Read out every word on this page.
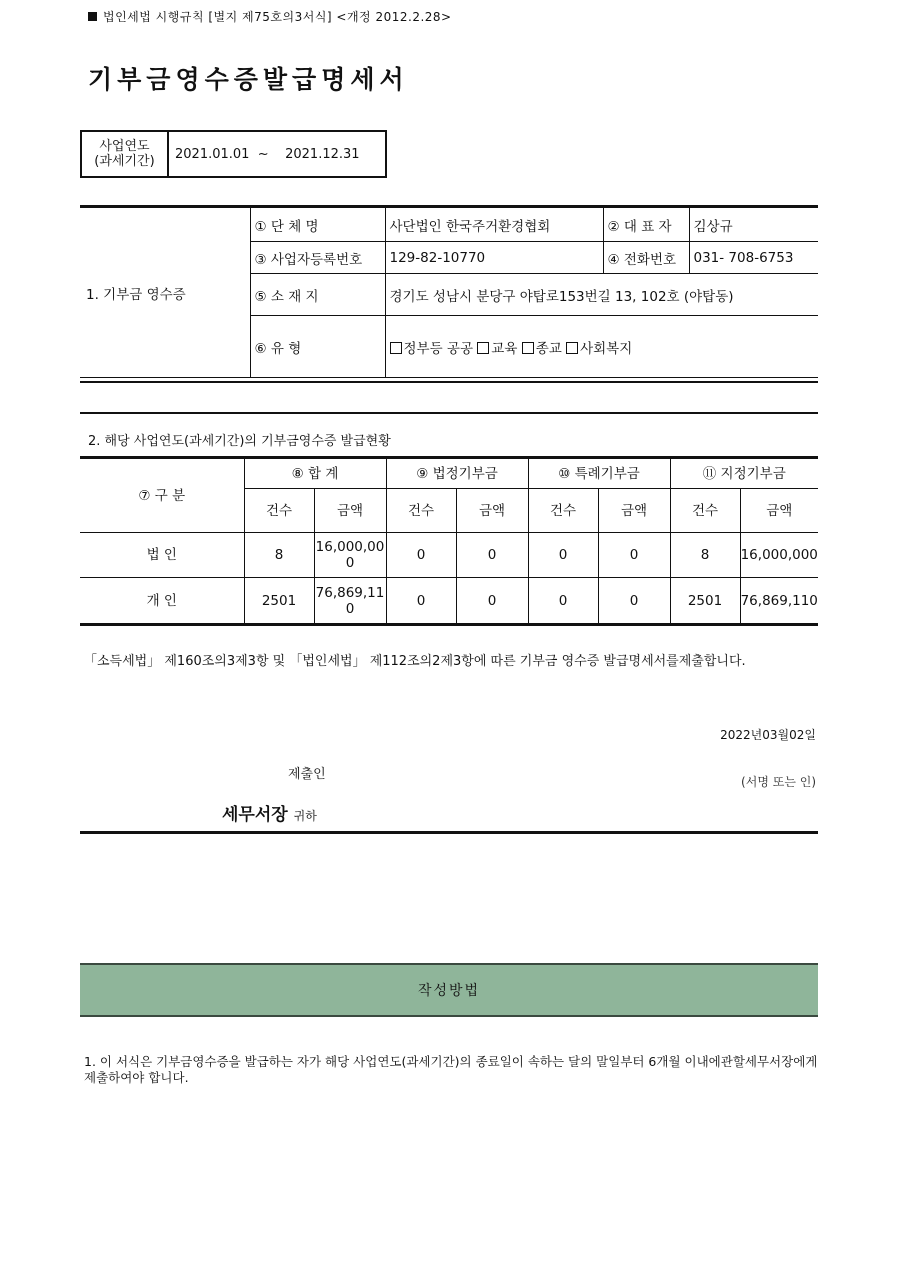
법인세법 시행규칙 [별지 제75호의3서식] <개정 2012.2.28>
기부금영수증발급명세서
사업연도
(과세기간)	2021.01.01  ~    2021.12.31
1. 기부금 영수증	① 단 체 명	사단법인 한국주거환경협회	② 대 표 자	김상규
	③ 사업자등록번호	129-82-10770	④ 전화번호	031- 708-6753
	⑤ 소 재 지	경기도 성남시 분당구 야탑로153번길 13, 102호 (야탑동)		
	⑥ 유 형	정부등 공공 교육 종교 사회복지		
2. 해당 사업연도(과세기간)의 기부금영수증 발급현황
⑦ 구 분	⑧ 합 계		⑨ 법정기부금		⑩ 특례기부금		⑪ 지정기부금	
	건수	금액	건수	금액	건수	금액	건수	금액
법 인	8	16,000,000	0	0	0	0	8	16,000,000
개 인	2501	76,869,110	0	0	0	0	2501	76,869,110
「소득세법」 제160조의3제3항 및 「법인세법」 제112조의2제3항에 따른 기부금 영수증 발급명세서를제출합니다.
2022년03월02일
제출인	(서명 또는 인)
세무서장 귀하
작성방법
1. 이 서식은 기부금영수증을 발급하는 자가 해당 사업연도(과세기간)의 종료일이 속하는 달의 말일부터 6개월 이내에관할세무서장에게 제출하여야 합니다.
